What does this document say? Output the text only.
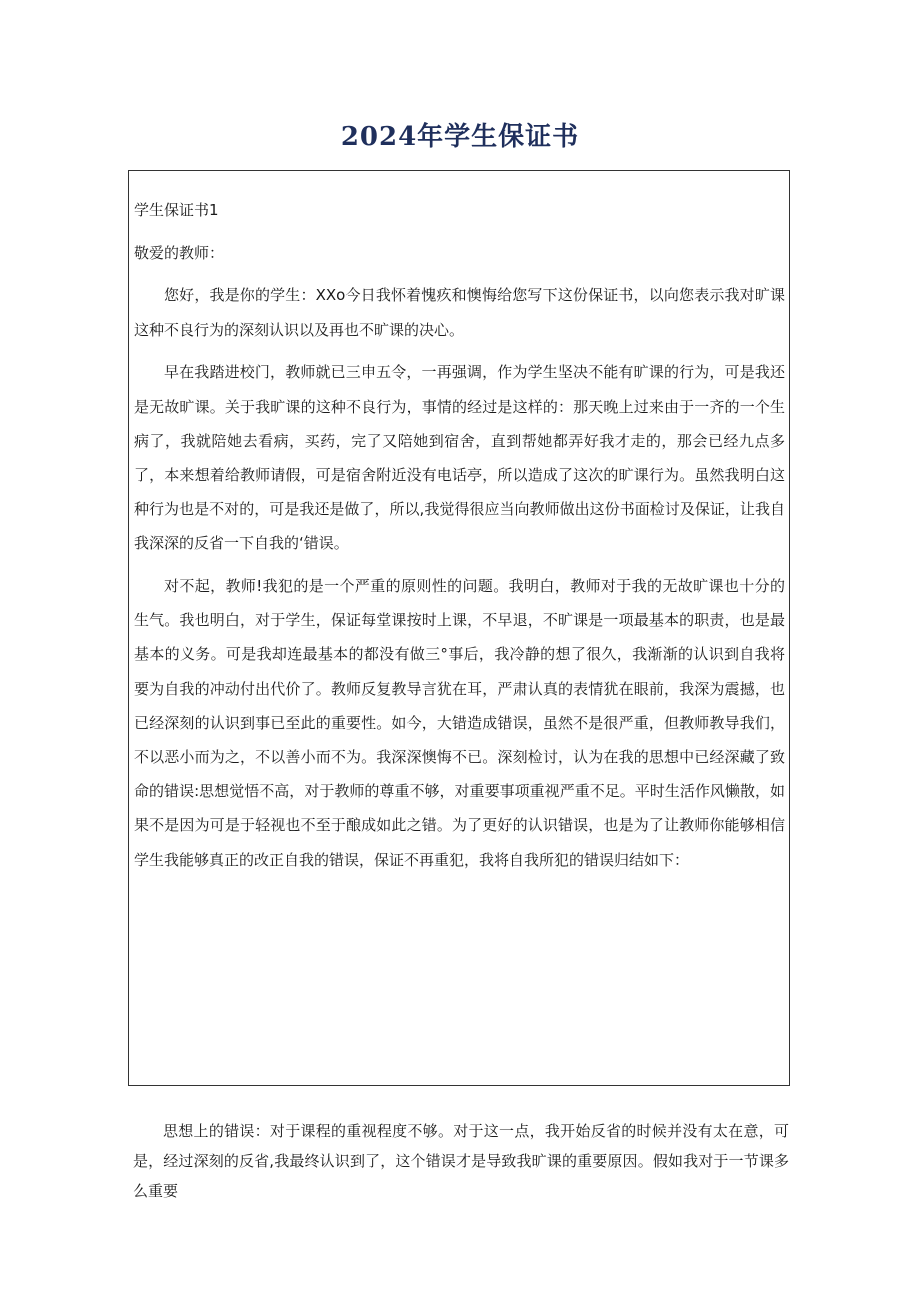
2024年学生保证书

学生保证书1

敬爱的教师：

您好，我是你的学生：XXo今日我怀着愧疚和懊悔给您写下这份保证书，以向您表示我对旷课这种不良行为的深刻认识以及再也不旷课的决心。

早在我踏进校门，教师就已三申五令，一再强调，作为学生坚决不能有旷课的行为，可是我还是无故旷课。关于我旷课的这种不良行为，事情的经过是这样的：那天晚上过来由于一齐的一个生病了，我就陪她去看病，买药，完了又陪她到宿舍，直到帮她都弄好我才走的，那会已经九点多了，本来想着给教师请假，可是宿舍附近没有电话亭，所以造成了这次的旷课行为。虽然我明白这种行为也是不对的，可是我还是做了，所以,我觉得很应当向教师做出这份书面检讨及保证，让我自我深深的反省一下自我的‘错误。

对不起，教师!我犯的是一个严重的原则性的问题。我明白，教师对于我的无故旷课也十分的生气。我也明白，对于学生，保证每堂课按时上课，不早退，不旷课是一项最基本的职责，也是最基本的义务。可是我却连最基本的都没有做三°事后，我冷静的想了很久，我渐渐的认识到自我将要为自我的冲动付出代价了。教师反复教导言犹在耳，严肃认真的表情犹在眼前，我深为震撼，也已经深刻的认识到事已至此的重要性。如今，大错造成错误，虽然不是很严重，但教师教导我们，不以恶小而为之，不以善小而不为。我深深懊悔不已。深刻检讨，认为在我的思想中已经深藏了致命的错误:思想觉悟不高，对于教师的尊重不够，对重要事项重视严重不足。平时生活作风懒散，如果不是因为可是于轻视也不至于酿成如此之错。为了更好的认识错误，也是为了让教师你能够相信学生我能够真正的改正自我的错误，保证不再重犯，我将自我所犯的错误归结如下：

思想上的错误：对于课程的重视程度不够。对于这一点，我开始反省的时候并没有太在意，可是，经过深刻的反省,我最终认识到了，这个错误才是导致我旷课的重要原因。假如我对于一节课多么重要
